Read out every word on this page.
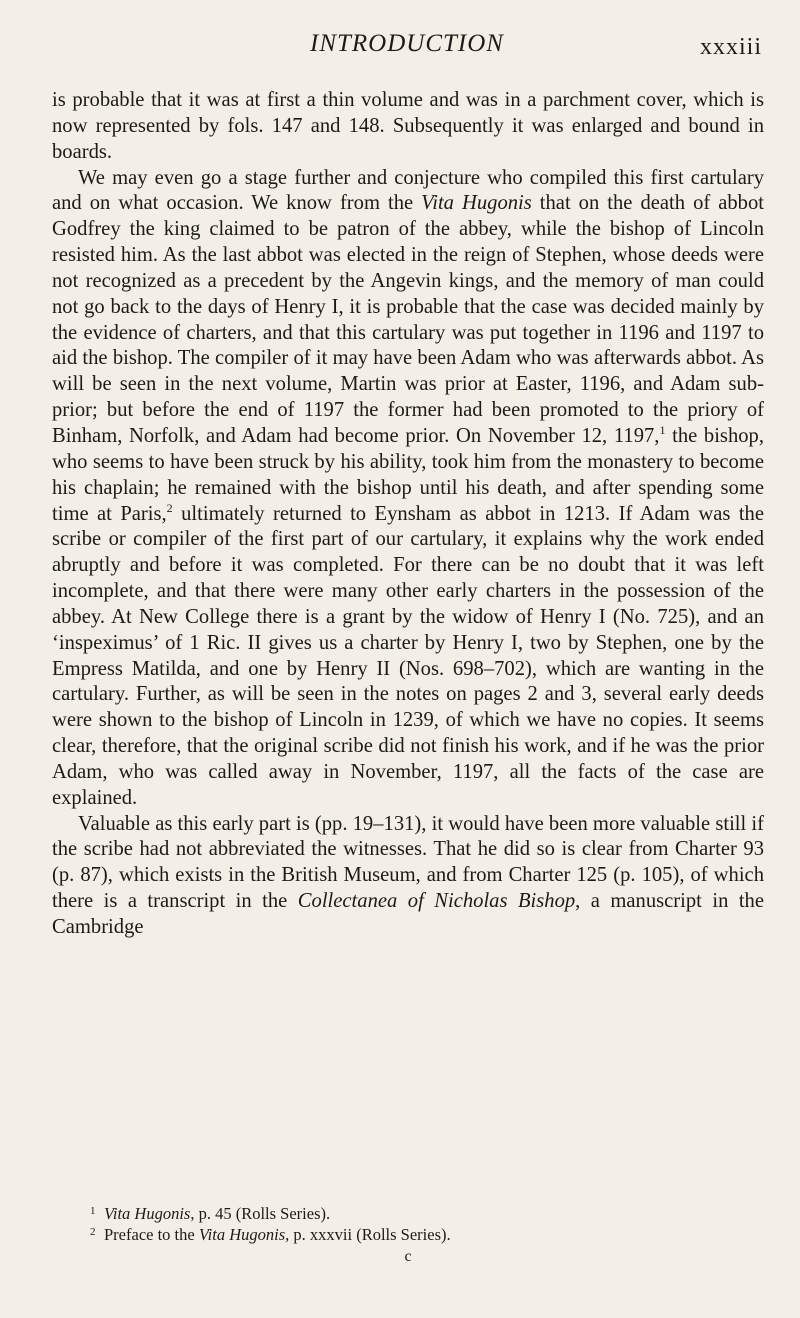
INTRODUCTION	xxxiii

is probable that it was at first a thin volume and was in a parchment cover, which is now represented by fols. 147 and 148. Subsequently it was enlarged and bound in boards.

We may even go a stage further and conjecture who compiled this first cartulary and on what occasion. We know from the Vita Hugonis that on the death of abbot Godfrey the king claimed to be patron of the abbey, while the bishop of Lincoln resisted him. As the last abbot was elected in the reign of Stephen, whose deeds were not recognized as a precedent by the Angevin kings, and the memory of man could not go back to the days of Henry I, it is probable that the case was decided mainly by the evidence of charters, and that this cartulary was put together in 1196 and 1197 to aid the bishop. The compiler of it may have been Adam who was afterwards abbot. As will be seen in the next volume, Martin was prior at Easter, 1196, and Adam sub-prior; but before the end of 1197 the former had been promoted to the priory of Binham, Norfolk, and Adam had become prior. On November 12, 1197,$^1$ the bishop, who seems to have been struck by his ability, took him from the monastery to become his chaplain; he remained with the bishop until his death, and after spending some time at Paris,$^2$ ultimately returned to Eynsham as abbot in 1213. If Adam was the scribe or compiler of the first part of our cartulary, it explains why the work ended abruptly and before it was completed. For there can be no doubt that it was left incomplete, and that there were many other early charters in the possession of the abbey. At New College there is a grant by the widow of Henry I (No. 725), and an ‘inspeximus’ of 1 Ric. II gives us a charter by Henry I, two by Stephen, one by the Empress Matilda, and one by Henry II (Nos. 698–702), which are wanting in the cartulary. Further, as will be seen in the notes on pages 2 and 3, several early deeds were shown to the bishop of Lincoln in 1239, of which we have no copies. It seems clear, therefore, that the original scribe did not finish his work, and if he was the prior Adam, who was called away in November, 1197, all the facts of the case are explained.

Valuable as this early part is (pp. 19–131), it would have been more valuable still if the scribe had not abbreviated the witnesses. That he did so is clear from Charter 93 (p. 87), which exists in the British Museum, and from Charter 125 (p. 105), of which there is a transcript in the Collectanea of Nicholas Bishop, a manuscript in the Cambridge

1 Vita Hugonis, p. 45 (Rolls Series).
2 Preface to the Vita Hugonis, p. xxxvii (Rolls Series).
c
